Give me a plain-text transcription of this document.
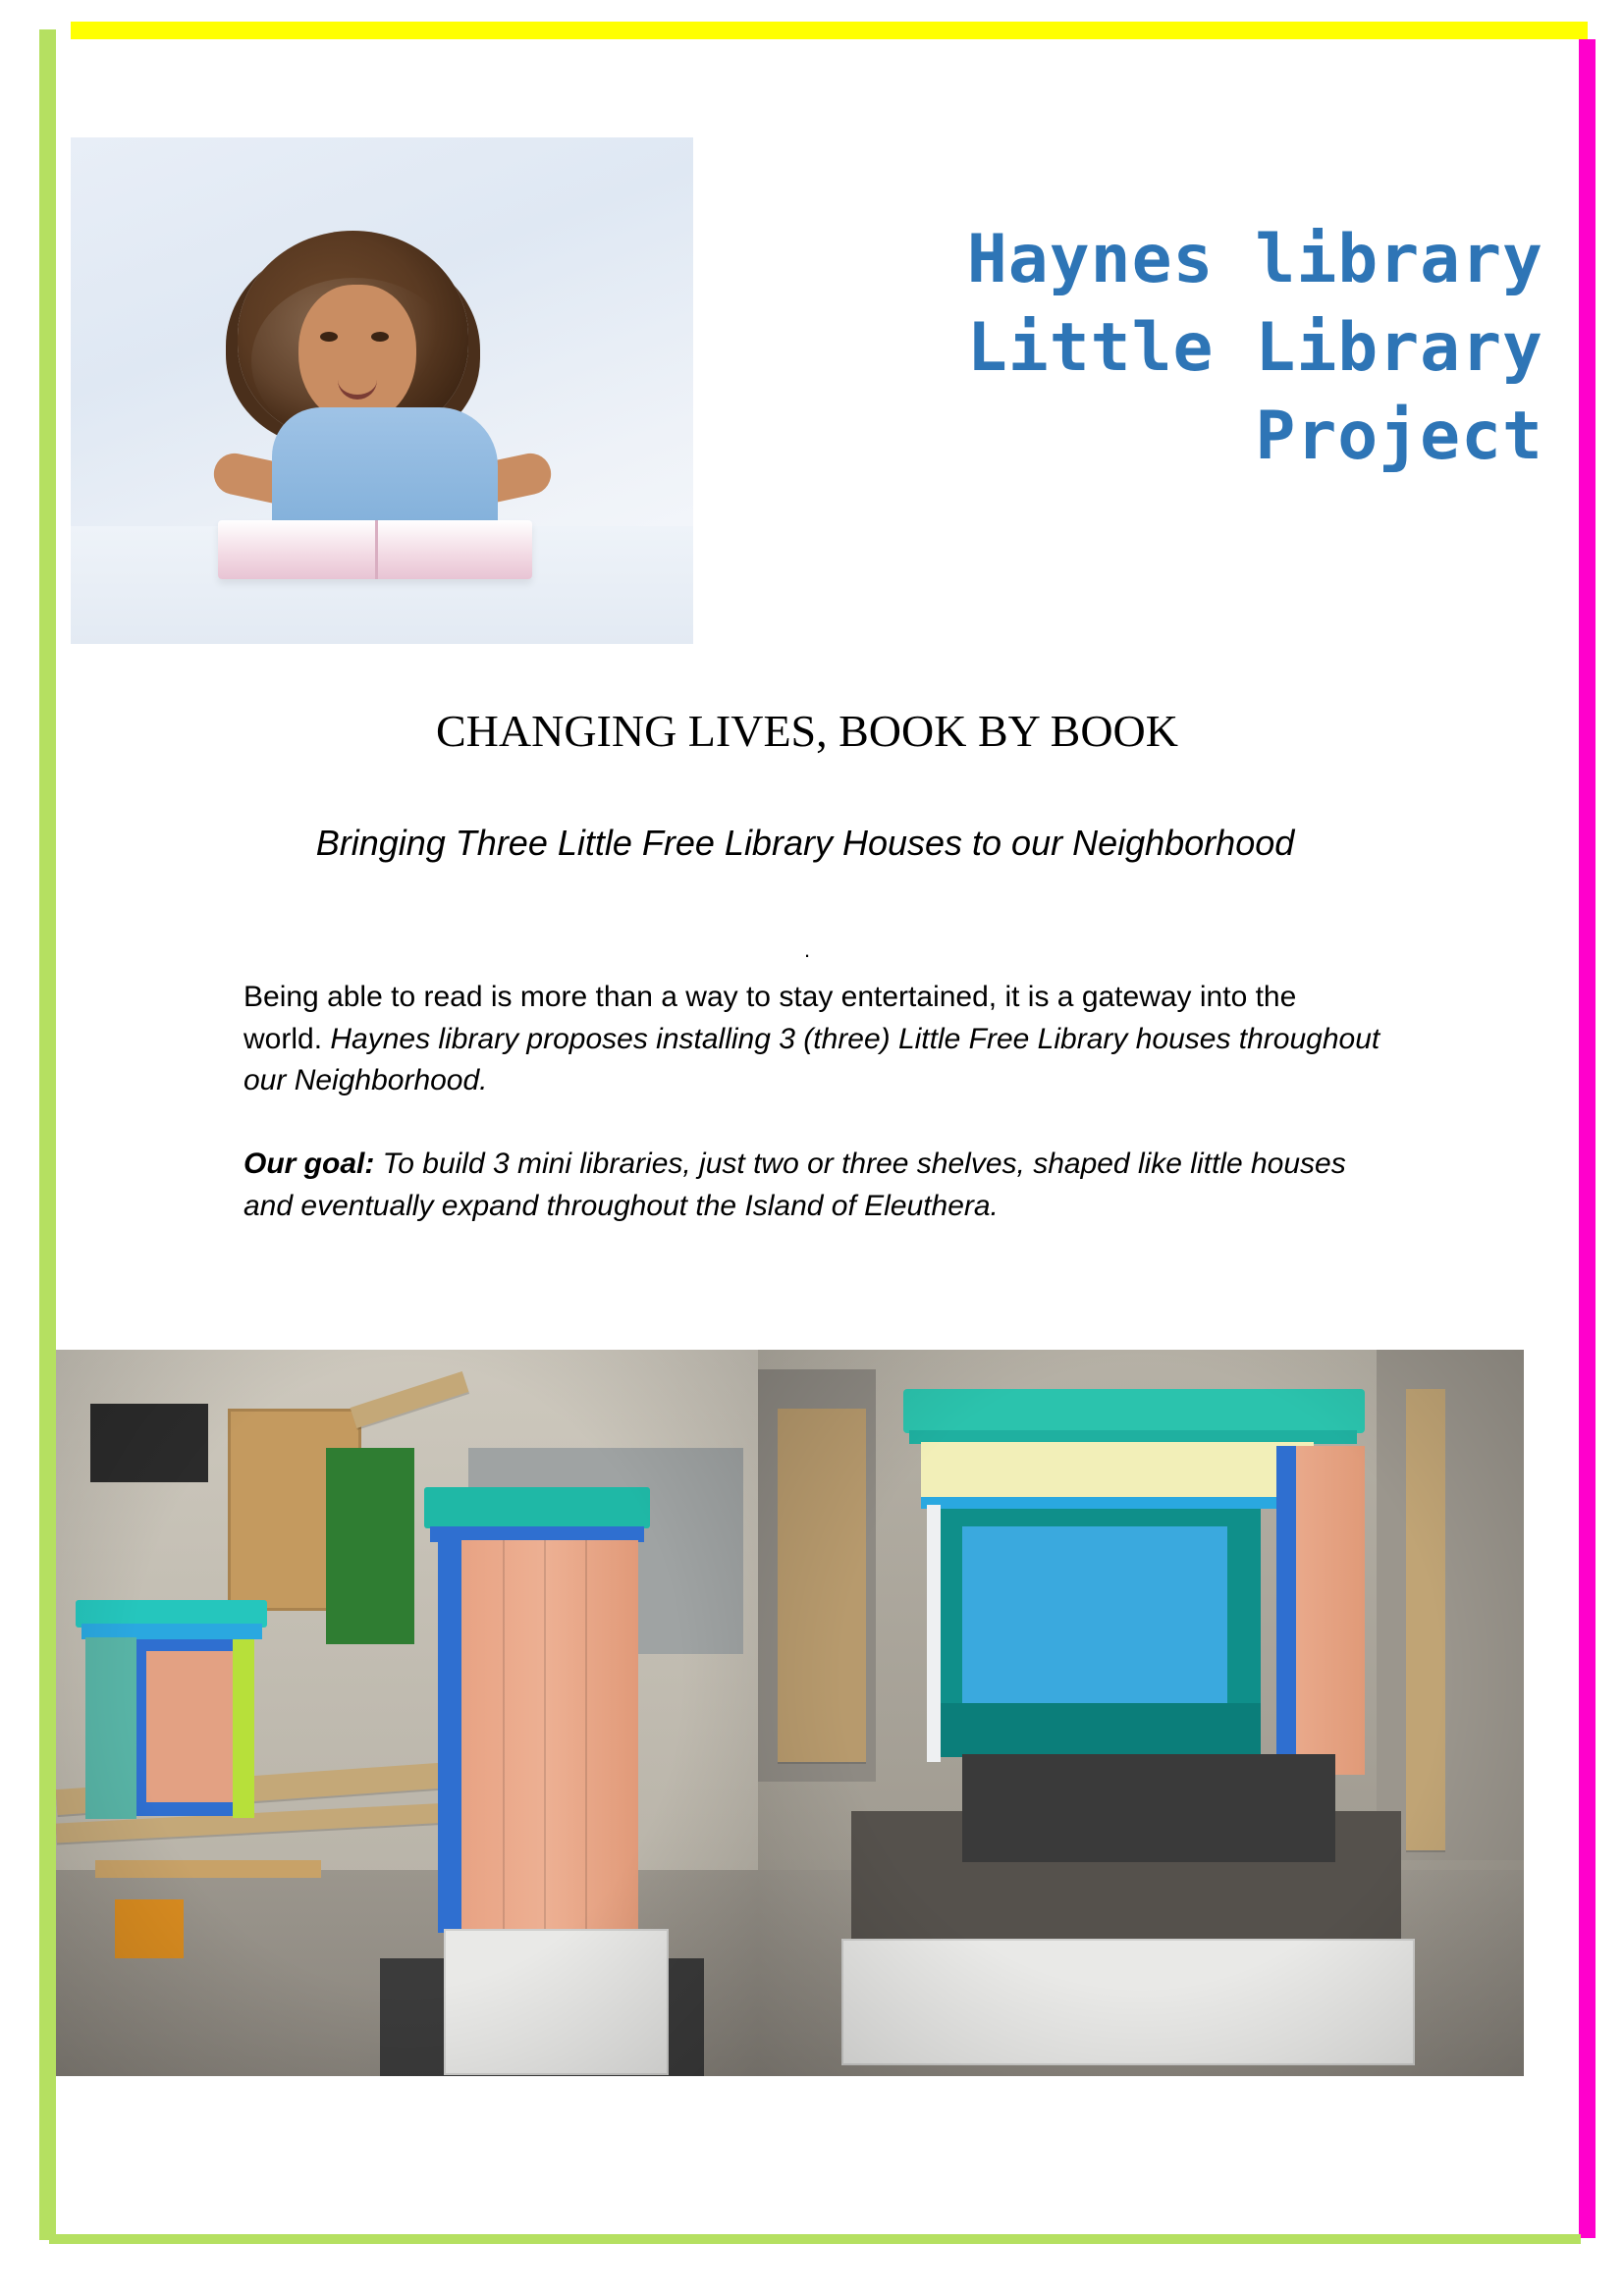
Haynes library
Little Library
Project
CHANGING LIVES, BOOK BY BOOK
Bringing Three Little Free Library Houses to our Neighborhood
.
Being able to read is more than a way to stay entertained, it is a gateway into the world. Haynes library proposes installing 3 (three) Little Free Library houses throughout our Neighborhood.
Our goal: To build 3 mini libraries, just two or three shelves, shaped like little houses and eventually expand throughout the Island of Eleuthera.
